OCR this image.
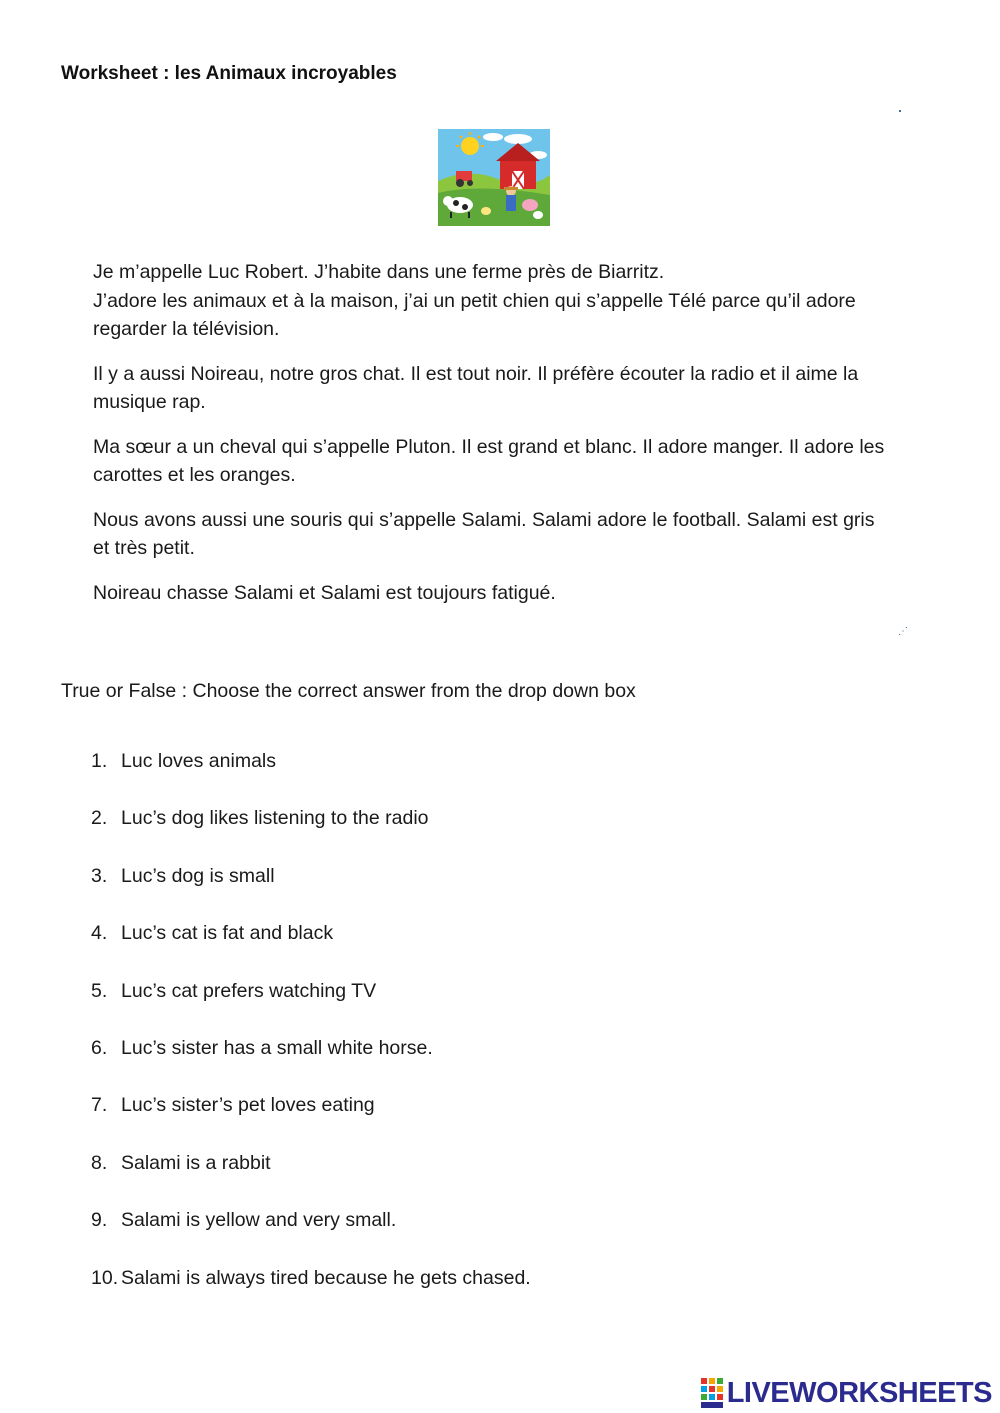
Worksheet : les Animaux incroyables

Je m’appelle Luc Robert. J’habite dans une ferme près de Biarritz.
J’adore les animaux et à la maison, j’ai un petit chien qui s’appelle Télé parce qu’il adore regarder la télévision.

Il y a aussi Noireau, notre gros chat. Il est tout noir. Il préfère écouter la radio et il aime la musique rap.

Ma sœur a un cheval qui s’appelle Pluton. Il est grand et blanc. Il adore manger. Il adore les carottes et les oranges.

Nous avons aussi une souris qui s’appelle Salami. Salami adore le football. Salami est gris et très petit.

Noireau chasse Salami et Salami est toujours fatigué.

⋰
True or False : Choose the correct answer from the drop down box
1. Luc loves animals
2. Luc’s dog likes listening to the radio
3. Luc’s dog is small
4. Luc’s cat is fat and black
5. Luc’s cat prefers watching TV
6. Luc’s sister has a small white horse.
7. Luc’s sister’s pet loves eating
8. Salami is a rabbit
9. Salami is yellow and very small.
10. Salami is always tired because he gets chased.
LIVEWORKSHEETS
